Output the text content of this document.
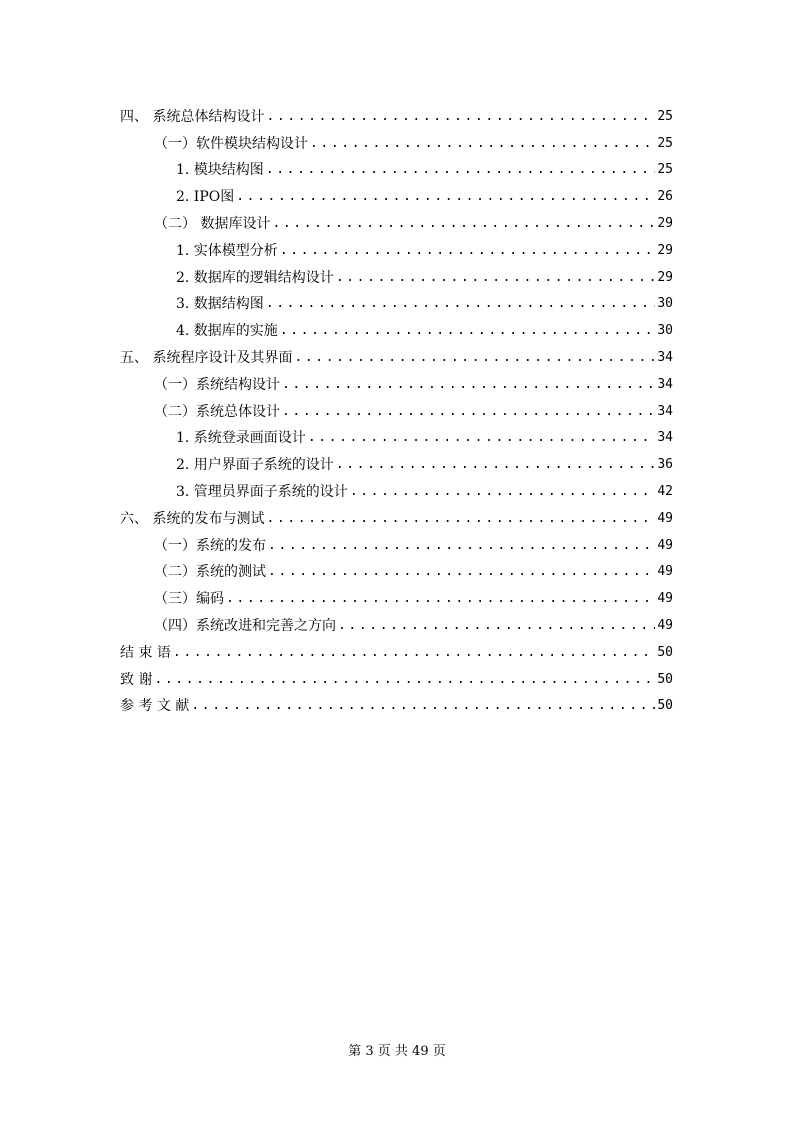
四、 系统总体结构设计 .....	25
（一）软件模块结构设计 .....	25
1. 模块结构图 .....	25
2. IPO图 .....	26
（二） 数据库设计 .....	29
1. 实体模型分析 .....	29
2. 数据库的逻辑结构设计 .....	29
3. 数据结构图 .....	30
4. 数据库的实施 .....	30
五、 系统程序设计及其界面 .....	34
（一）系统结构设计 .....	34
（二）系统总体设计 .....	34
1. 系统登录画面设计 .....	34
2. 用户界面子系统的设计 .....	36
3. 管理员界面子系统的设计 .....	42
六、 系统的发布与测试 .....	49
（一）系统的发布 .....	49
（二）系统的测试 .....	49
（三）编码 .....	49
（四）系统改进和完善之方向 .....	49
结 束 语 .....	50
致 谢 .....	50
参 考 文 献 .....	50
第 3 页 共 49 页
